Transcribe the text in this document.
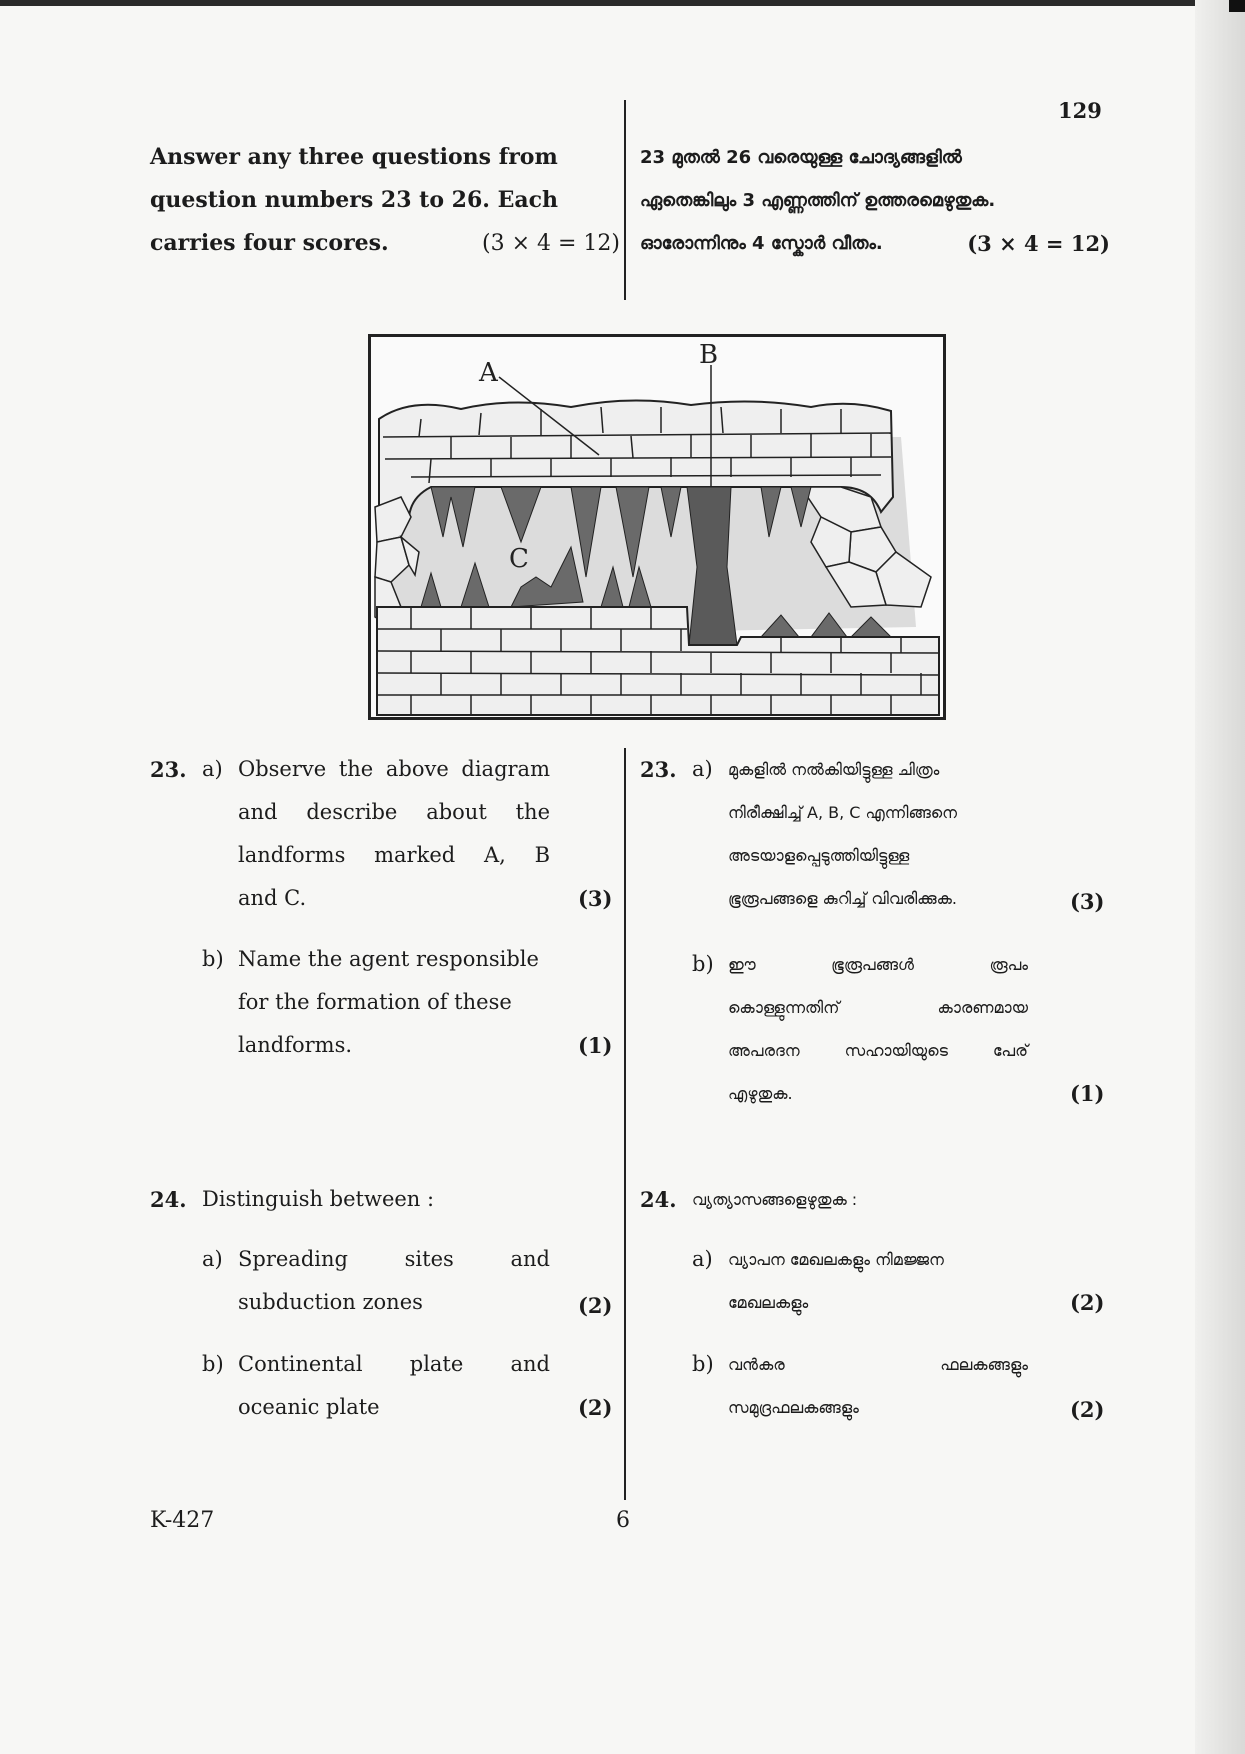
129
Answer any three questions from
question numbers 23 to 26. Each
carries four scores.	(3 × 4 = 12)
23 മുതൽ 26 വരെയുള്ള ചോദ്യങ്ങളിൽ
ഏതെങ്കിലും 3 എണ്ണത്തിന് ഉത്തരമെഴുതുക.
ഓരോന്നിനും 4 സ്കോർ വീതം.	(3 × 4 = 12)
A
B
C
23. a) Observe the above diagram
and describe about the
landforms marked A, B
and C.	(3)
b) Name the agent responsible
for the formation of these
landforms.	(1)
23. a) മുകളിൽ നൽകിയിട്ടുള്ള ചിത്രം
നിരീക്ഷിച്ച് A, B, C എന്നിങ്ങനെ
അടയാളപ്പെടുത്തിയിട്ടുള്ള
ഭൂരൂപങ്ങളെ കുറിച്ച് വിവരിക്കുക.	(3)
b) ഈ ഭൂരൂപങ്ങൾ രൂപം
കൊള്ളുന്നതിന് കാരണമായ
അപരദന സഹായിയുടെ പേര്
എഴുതുക.	(1)
24. Distinguish between :
a) Spreading sites and
subduction zones	(2)
b) Continental plate and
oceanic plate	(2)
24. വ്യത്യാസങ്ങളെഴുതുക :
a) വ്യാപന മേഖലകളും നിമജ്ജന
മേഖലകളും	(2)
b) വൻകര ഫലകങ്ങളും
സമുദ്രഫലകങ്ങളും	(2)
K-427	6
